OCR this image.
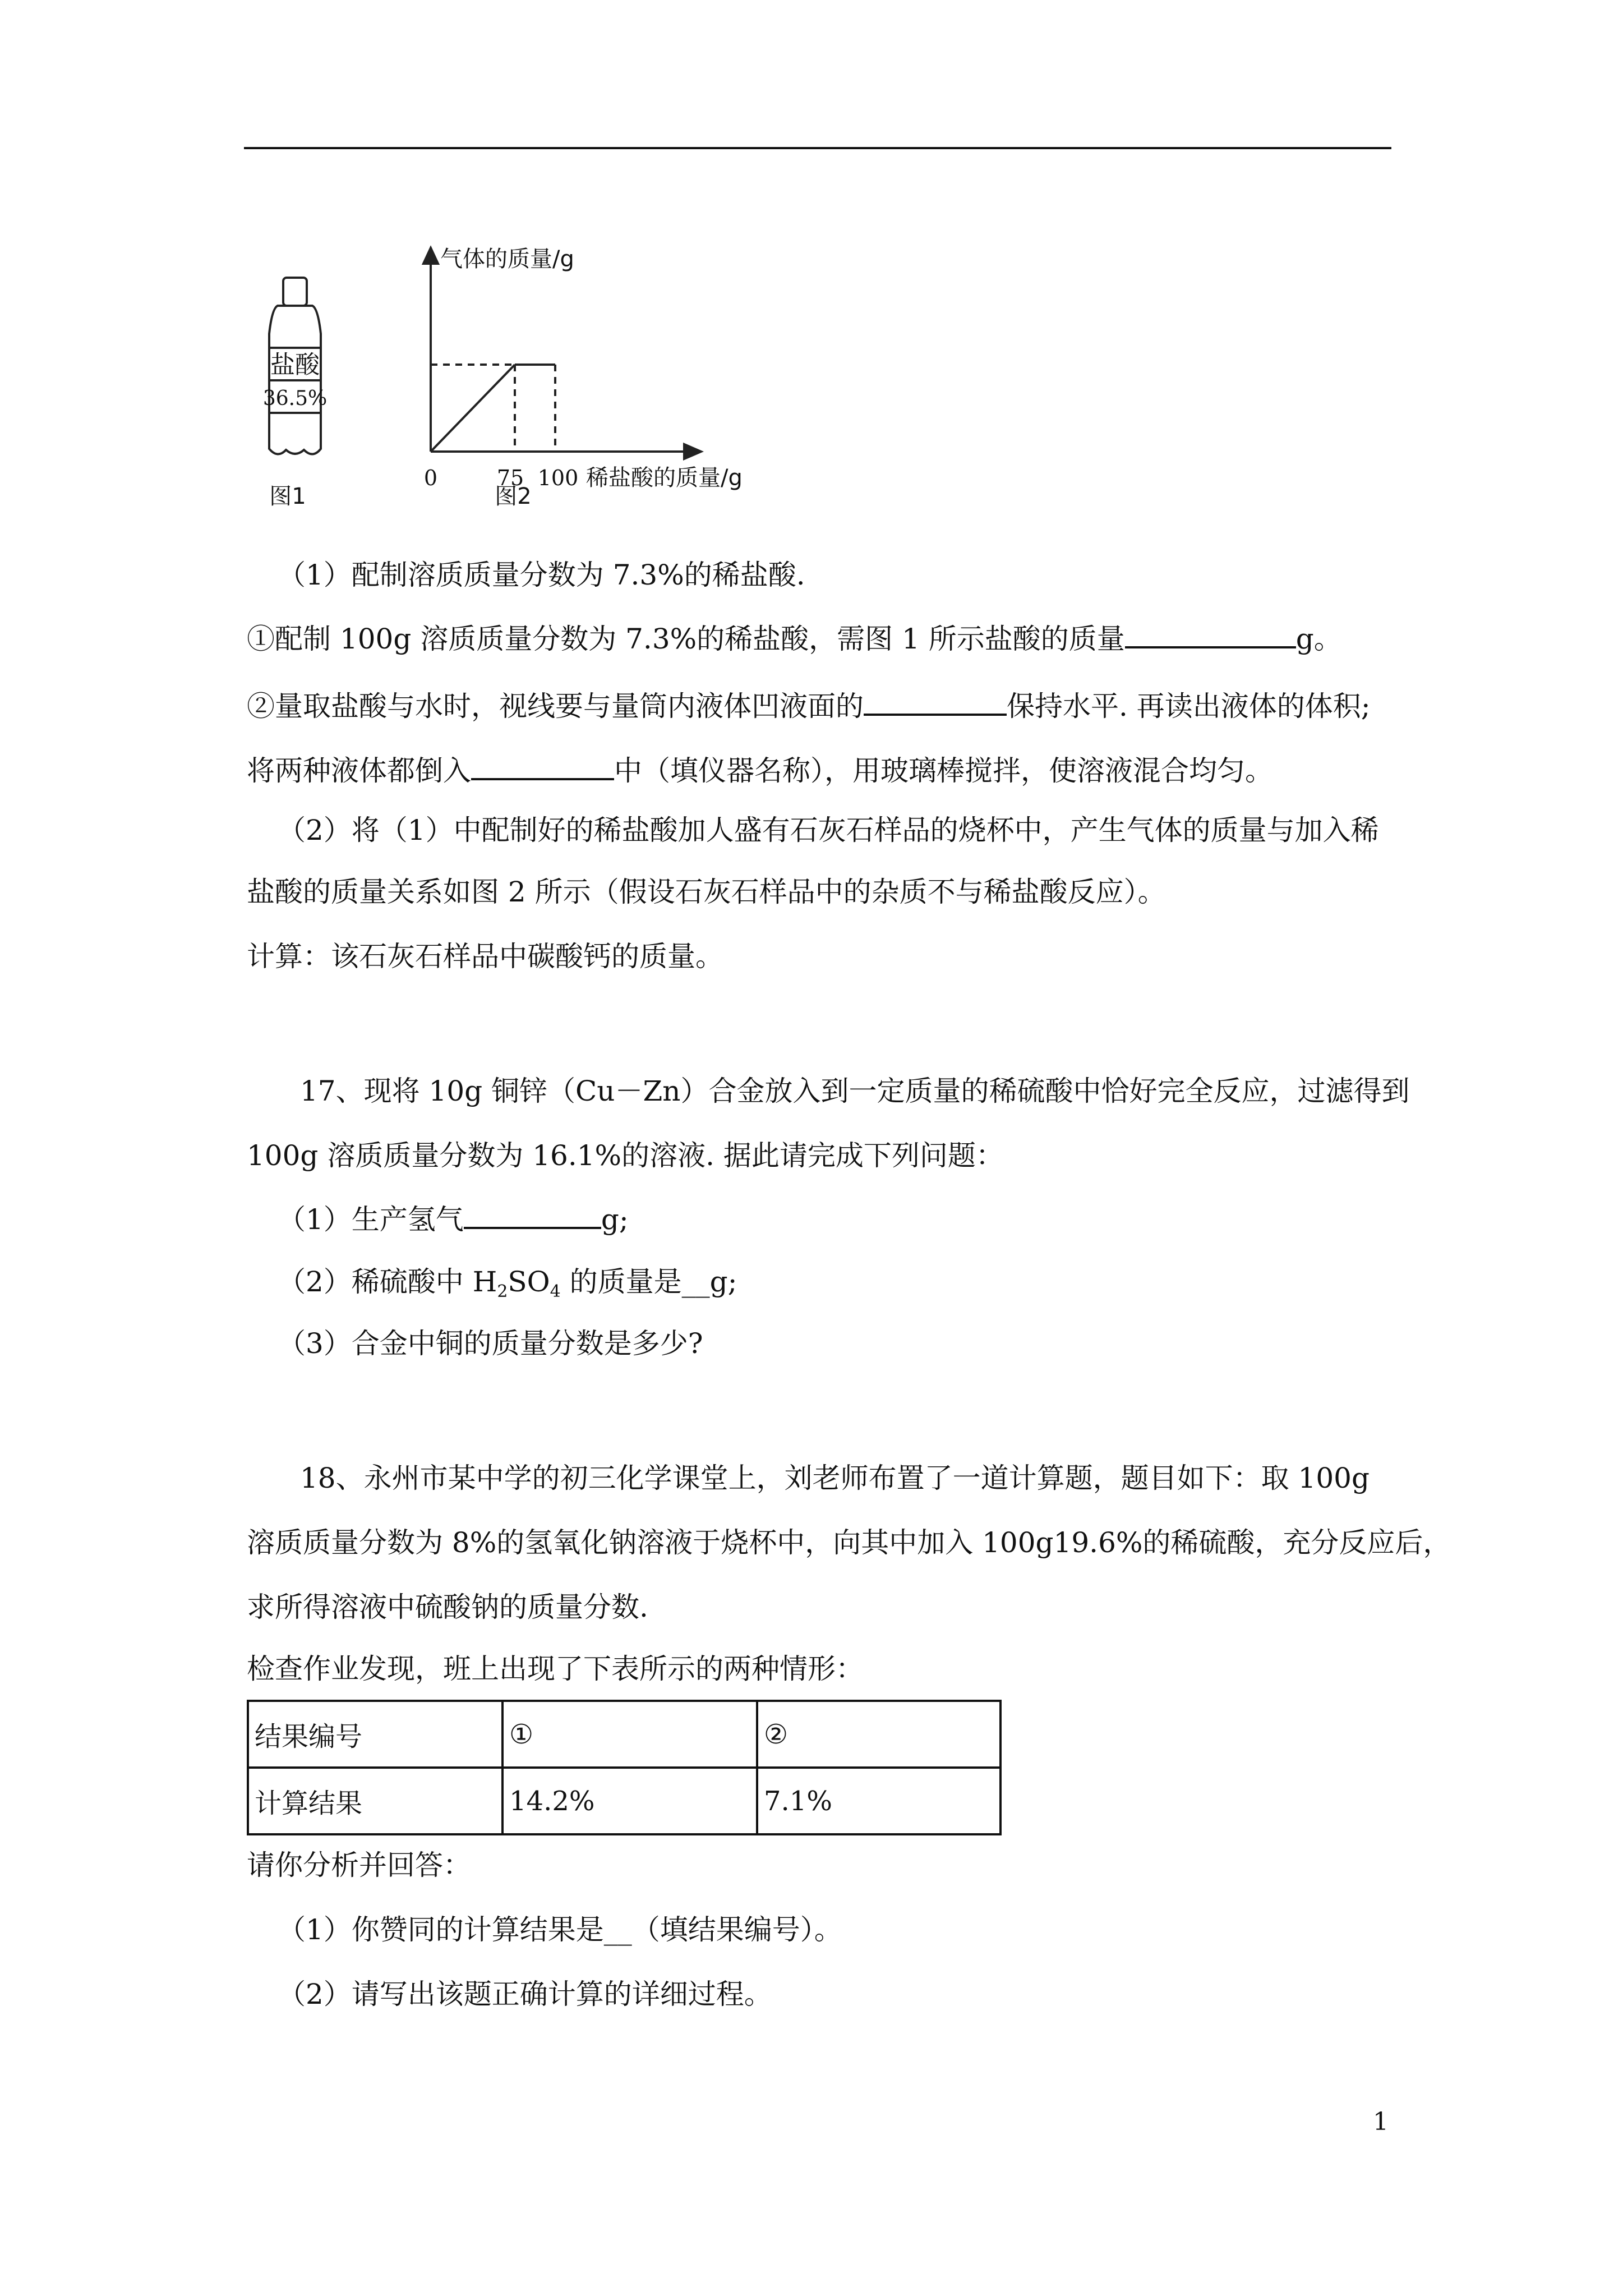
盐酸
36.5%
图1
气体的质量/g
0	75 100 稀盐酸的质量/g
图2
（1）配制溶质质量分数为 7.3%的稀盐酸.
①配制 100g 溶质质量分数为 7.3%的稀盐酸，需图 1 所示盐酸的质量	g。
②量取盐酸与水时，视线要与量筒内液体凹液面的	保持水平. 再读出液体的体积;
将两种液体都倒入	中（填仪器名称），用玻璃棒搅拌，使溶液混合均匀。
（2）将（1）中配制好的稀盐酸加人盛有石灰石样品的烧杯中，产生气体的质量与加入稀
盐酸的质量关系如图 2 所示（假设石灰石样品中的杂质不与稀盐酸反应）。
计算：该石灰石样品中碳酸钙的质量。
17、现将 10g 铜锌（Cu－Zn）合金放入到一定质量的稀硫酸中恰好完全反应，过滤得到
100g 溶质质量分数为 16.1%的溶液. 据此请完成下列问题：
（1）生产氢气	g;
（2）稀硫酸中 $H_2SO_4$ 的质量是__g;
（3）合金中铜的质量分数是多少?
18、永州市某中学的初三化学课堂上，刘老师布置了一道计算题，题目如下：取 100g
溶质质量分数为 8%的氢氧化钠溶液于烧杯中，向其中加入 100g19.6%的稀硫酸，充分反应后，
求所得溶液中硫酸钠的质量分数.
检查作业发现，班上出现了下表所示的两种情形：
结果编号	①	②
计算结果	14.2%	7.1%
请你分析并回答：
（1）你赞同的计算结果是__（填结果编号）。
（2）请写出该题正确计算的详细过程。
1
